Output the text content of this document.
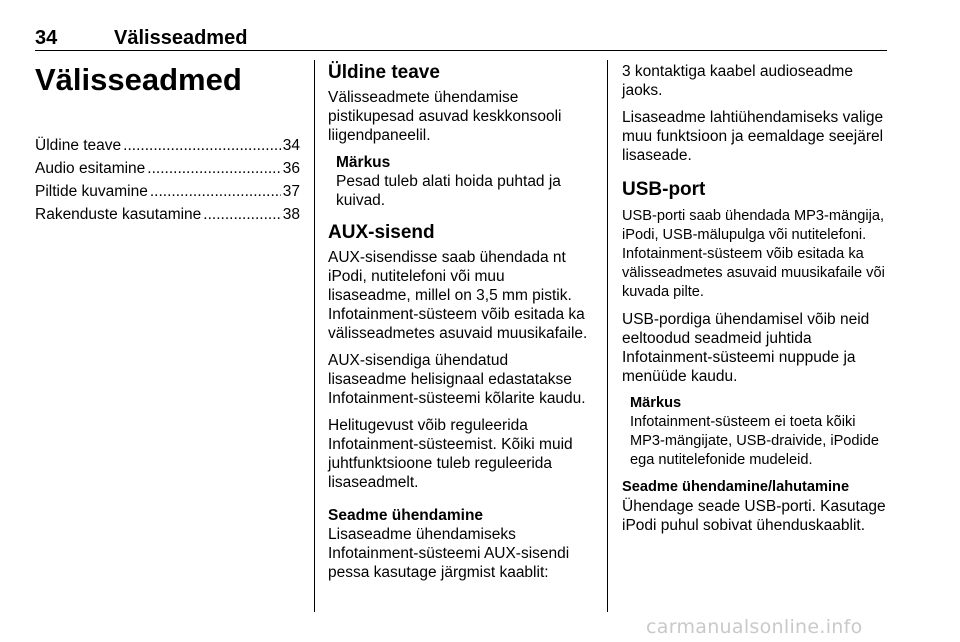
34	Välisseadmed
Välisseadmed
Üldine teave .....	34
Audio esitamine .....	36
Piltide kuvamine .....	37
Rakenduste kasutamine .....	38
Üldine teave

Välisseadmete ühendamise pistikupesad asuvad keskkonsooli liigendpaneelil.

Märkus
Pesad tuleb alati hoida puhtad ja kuivad.
AUX-sisend

AUX-sisendisse saab ühendada nt iPodi, nutitelefoni või muu lisaseadme, millel on 3,5 mm pistik. Infotainment-süsteem võib esitada ka välisseadmetes asuvaid muusikafaile.

AUX-sisendiga ühendatud lisaseadme helisignaal edastatakse Infotainment-süsteemi kõlarite kaudu.

Helitugevust võib reguleerida Infotainment-süsteemist. Kõiki muid juhtfunktsioone tuleb reguleerida lisaseadmelt.

Seadme ühendamine

Lisaseadme ühendamiseks Infotainment-süsteemi AUX-sisendi pessa kasutage järgmist kaablit:

3 kontaktiga kaabel audioseadme jaoks.

Lisaseadme lahtiühendamiseks valige muu funktsioon ja eemaldage seejärel lisaseade.

USB-port

USB-porti saab ühendada MP3-mängija, iPodi, USB-mälupulga või nutitelefoni. Infotainment-süsteem võib esitada ka välisseadmetes asuvaid muusikafaile või kuvada pilte.

USB-pordiga ühendamisel võib neid eeltoodud seadmeid juhtida Infotainment-süsteemi nuppude ja menüüde kaudu.

Märkus
Infotainment-süsteem ei toeta kõiki MP3-mängijate, USB-draivide, iPodide ega nutitelefonide mudeleid.
Seadme ühendamine/lahutamine

Ühendage seade USB-porti. Kasutage iPodi puhul sobivat ühenduskaablit.

carmanualsonline.info
